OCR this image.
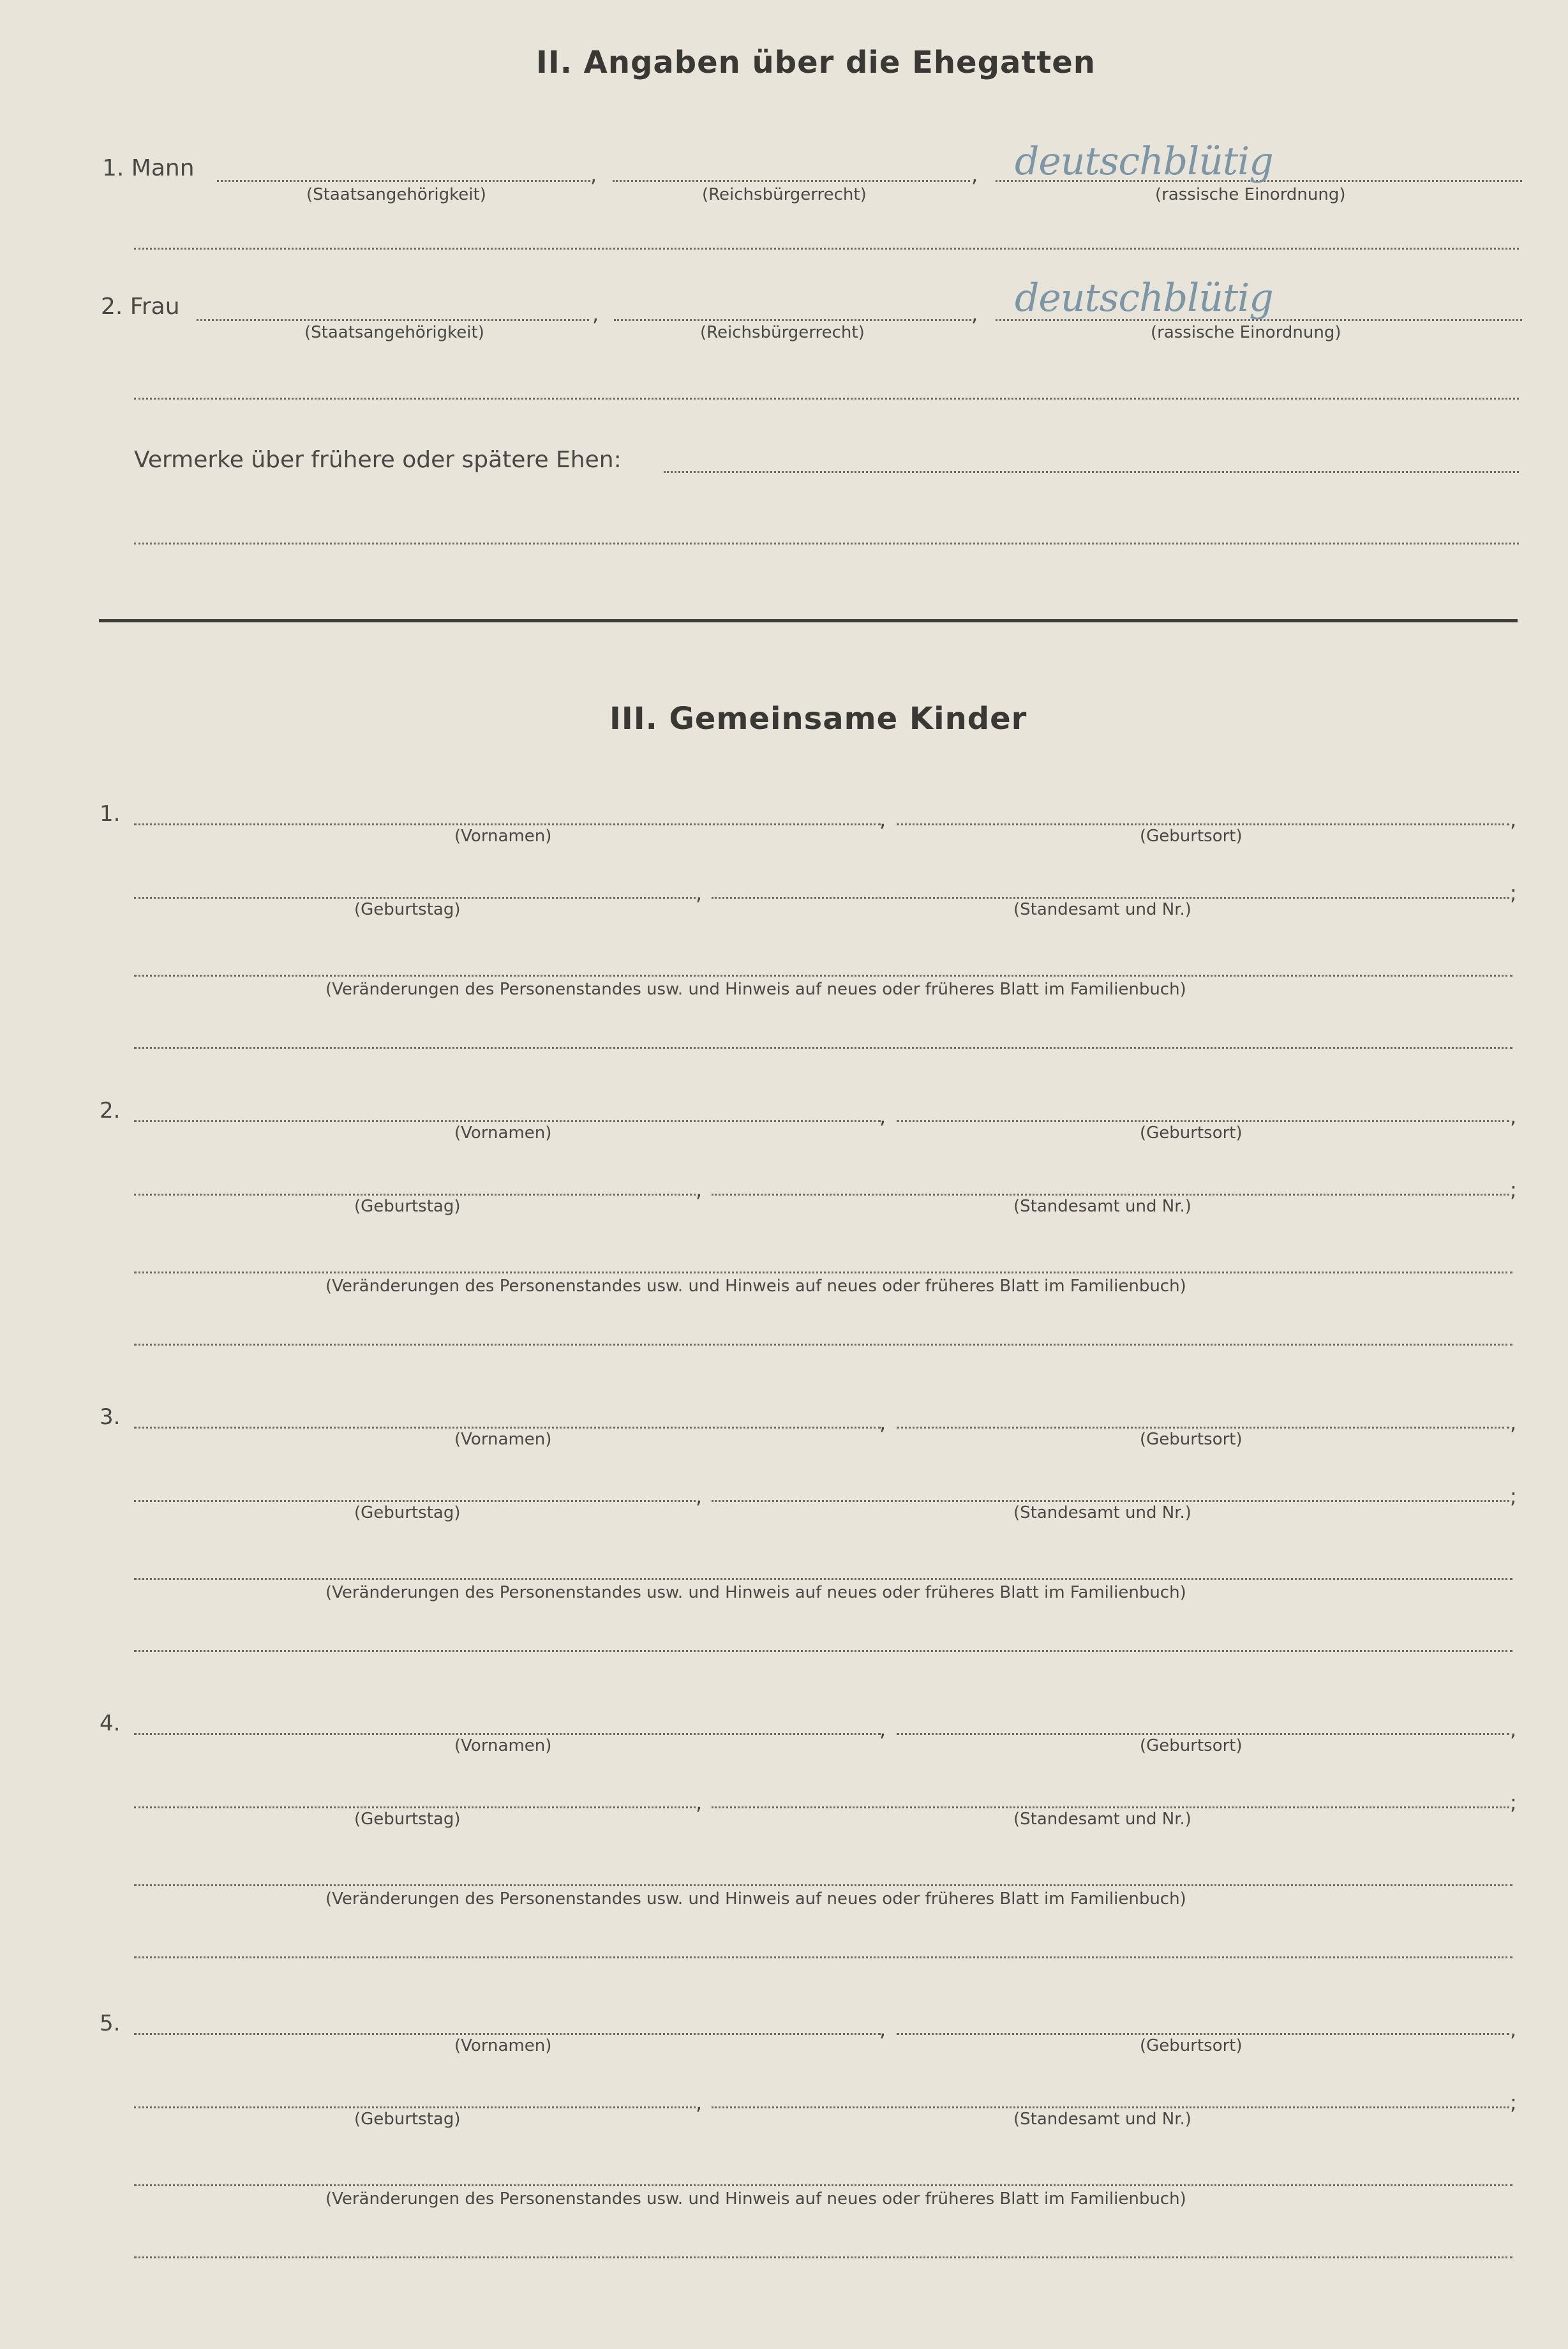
II. Angaben über die Ehegatten
1. Mann	,	, deutschblütig
(Staatsangehörigkeit)	(Reichsbürgerrecht)	(rassische Einordnung)
2. Frau	,	, deutschblütig
(Staatsangehörigkeit)	(Reichsbürgerrecht)	(rassische Einordnung)
Vermerke über frühere oder spätere Ehen:
III. Gemeinsame Kinder
1.	,	,
(Vornamen)	(Geburtsort)
,	;
(Geburtstag)	(Standesamt und Nr.)
(Veränderungen des Personenstandes usw. und Hinweis auf neues oder früheres Blatt im Familienbuch)
2.	,	,
(Vornamen)	(Geburtsort)
,	;
(Geburtstag)	(Standesamt und Nr.)
(Veränderungen des Personenstandes usw. und Hinweis auf neues oder früheres Blatt im Familienbuch)
3.	,	,
(Vornamen)	(Geburtsort)
,	;
(Geburtstag)	(Standesamt und Nr.)
(Veränderungen des Personenstandes usw. und Hinweis auf neues oder früheres Blatt im Familienbuch)
4.	,	,
(Vornamen)	(Geburtsort)
,	;
(Geburtstag)	(Standesamt und Nr.)
(Veränderungen des Personenstandes usw. und Hinweis auf neues oder früheres Blatt im Familienbuch)
5.	,	,
(Vornamen)	(Geburtsort)
,	;
(Geburtstag)	(Standesamt und Nr.)
(Veränderungen des Personenstandes usw. und Hinweis auf neues oder früheres Blatt im Familienbuch)
